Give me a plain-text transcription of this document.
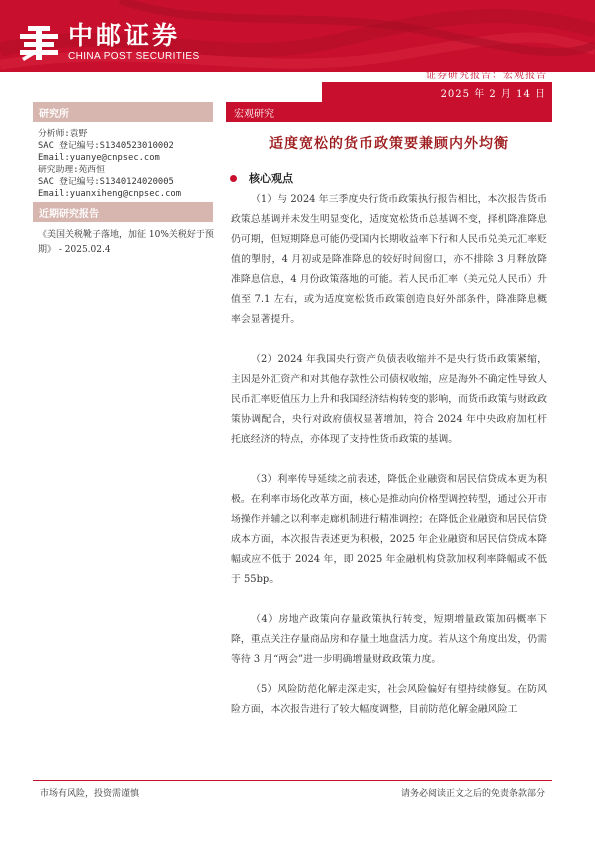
中邮证券
CHINA POST SECURITIES
证券研究报告：宏观报告
2025 年 2 月 14 日
研究所
分析师:袁野
SAC 登记编号:S1340523010002
Email:yuanye@cnpsec.com
研究助理:苑西恒
SAC 登记编号:S1340124020005
Email:yuanxiheng@cnpsec.com
近期研究报告
《美国关税靴子落地，加征 10%关税好于预期》 - 2025.02.4
宏观研究
适度宽松的货币政策要兼顾内外均衡
核心观点
（1）与 2024 年三季度央行货币政策执行报告相比，本次报告货币政策总基调并未发生明显变化，适度宽松货币总基调不变，择机降准降息仍可期，但短期降息可能仍受国内长期收益率下行和人民币兑美元汇率贬值的掣肘，4 月初或是降准降息的较好时间窗口，亦不排除 3 月释放降准降息信息，4 月份政策落地的可能。若人民币汇率（美元兑人民币）升值至 7.1 左右，或为适度宽松货币政策创造良好外部条件，降准降息概率会显著提升。
（2）2024 年我国央行资产负债表收缩并不是央行货币政策紧缩，主因是外汇资产和对其他存款性公司债权收缩，应是海外不确定性导致人民币汇率贬值压力上升和我国经济结构转变的影响，而货币政策与财政政策协调配合，央行对政府债权显著增加，符合 2024 年中央政府加杠杆托底经济的特点，亦体现了支持性货币政策的基调。
（3）利率传导延续之前表述，降低企业融资和居民信贷成本更为积极。在利率市场化改革方面，核心是推动向价格型调控转型，通过公开市场操作并辅之以利率走廊机制进行精准调控；在降低企业融资和居民信贷成本方面，本次报告表述更为积极，2025 年企业融资和居民信贷成本降幅或应不低于 2024 年，即 2025 年金融机构贷款加权利率降幅或不低于 55bp。
（4）房地产政策向存量政策执行转变，短期增量政策加码概率下降，重点关注存量商品房和存量土地盘活力度。若从这个角度出发，仍需等待 3 月“两会”进一步明确增量财政政策力度。
（5）风险防范化解走深走实，社会风险偏好有望持续修复。在防风险方面，本次报告进行了较大幅度调整，目前防范化解金融风险工
市场有风险，投资需谨慎	请务必阅读正文之后的免责条款部分
